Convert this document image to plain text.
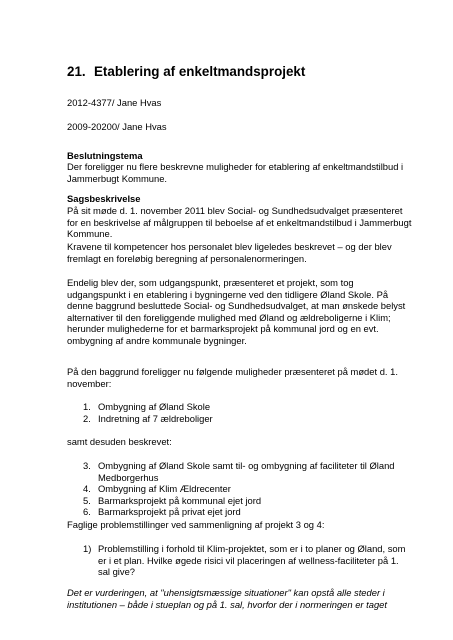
21. Etablering af enkeltmandsprojekt

2012-4377/ Jane Hvas

2009-20200/ Jane Hvas

Beslutningstema

Der foreligger nu flere beskrevne muligheder for etablering af enkeltmandstilbud i Jammerbugt Kommune.

Sagsbeskrivelse

På sit møde d. 1. november 2011 blev Social- og Sundhedsudvalget præsenteret for en beskrivelse af målgruppen til beboelse af et enkeltmandstilbud i Jammerbugt Kommune.

Kravene til kompetencer hos personalet blev ligeledes beskrevet – og der blev fremlagt en foreløbig beregning af personalenormeringen.

Endelig blev der, som udgangspunkt, præsenteret et projekt, som tog udgangspunkt i en etablering i bygningerne ved den tidligere Øland Skole. På denne baggrund besluttede Social- og Sundhedsudvalget, at man ønskede belyst alternativer til den foreliggende mulighed med Øland og ældreboligerne i Klim; herunder mulighederne for et barmarksprojekt på kommunal jord og en evt. ombygning af andre kommunale bygninger.

På den baggrund foreligger nu følgende muligheder præsenteret på mødet d. 1. november:

1. Ombygning af Øland Skole
2. Indretning af 7 ældreboliger

samt desuden beskrevet:

3. Ombygning af Øland Skole samt til- og ombygning af faciliteter til Øland Medborgerhus
4. Ombygning af Klim Ældrecenter
5. Barmarksprojekt på kommunal ejet jord
6. Barmarksprojekt på privat ejet jord

Faglige problemstillinger ved sammenligning af projekt 3 og 4:

1) Problemstilling i forhold til Klim-projektet, som er i to planer og Øland, som er i et plan. Hvilke øgede risici vil placeringen af wellness-faciliteter på 1. sal give?

Det er vurderingen, at "uhensigtsmæssige situationer" kan opstå alle steder i institutionen – både i stueplan og på 1. sal, hvorfor der i normeringen er taget
